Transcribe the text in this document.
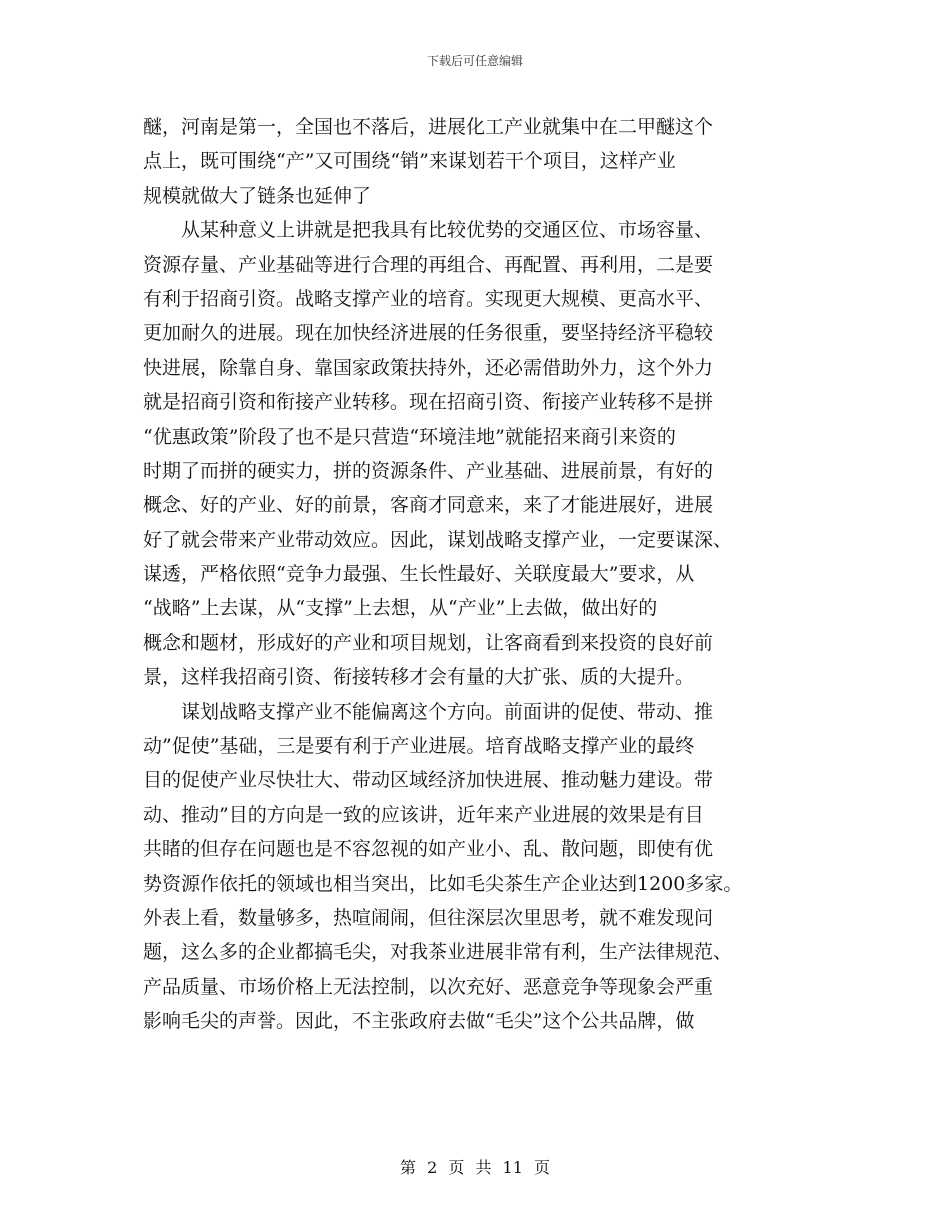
下载后可任意编辑
醚，河南是第一，全国也不落后，进展化工产业就集中在二甲醚这个
点上，既可围绕“产”又可围绕“销”来谋划若干个项目，这样产业
规模就做大了链条也延伸了
从某种意义上讲就是把我具有比较优势的交通区位、市场容量、
资源存量、产业基础等进行合理的再组合、再配置、再利用，二是要
有利于招商引资。战略支撑产业的培育。实现更大规模、更高水平、
更加耐久的进展。现在加快经济进展的任务很重，要坚持经济平稳较
快进展，除靠自身、靠国家政策扶持外，还必需借助外力，这个外力
就是招商引资和衔接产业转移。现在招商引资、衔接产业转移不是拼
“优惠政策”阶段了也不是只营造“环境洼地”就能招来商引来资的
时期了而拼的硬实力，拼的资源条件、产业基础、进展前景，有好的
概念、好的产业、好的前景，客商才同意来，来了才能进展好，进展
好了就会带来产业带动效应。因此，谋划战略支撑产业，一定要谋深、
谋透，严格依照“竞争力最强、生长性最好、关联度最大”要求，从
“战略”上去谋，从“支撑”上去想，从“产业”上去做，做出好的
概念和题材，形成好的产业和项目规划，让客商看到来投资的良好前
景，这样我招商引资、衔接转移才会有量的大扩张、质的大提升。
谋划战略支撑产业不能偏离这个方向。前面讲的促使、带动、推
动”促使”基础，三是要有利于产业进展。培育战略支撑产业的最终
目的促使产业尽快壮大、带动区域经济加快进展、推动魅力建设。带
动、推动”目的方向是一致的应该讲，近年来产业进展的效果是有目
共睹的但存在问题也是不容忽视的如产业小、乱、散问题，即使有优
势资源作依托的领域也相当突出，比如毛尖茶生产企业达到1200多家。
外表上看，数量够多，热喧闹闹，但往深层次里思考，就不难发现问
题，这么多的企业都搞毛尖，对我茶业进展非常有利，生产法律规范、
产品质量、市场价格上无法控制，以次充好、恶意竞争等现象会严重
影响毛尖的声誉。因此，不主张政府去做“毛尖”这个公共品牌，做
第 2 页 共 11 页
